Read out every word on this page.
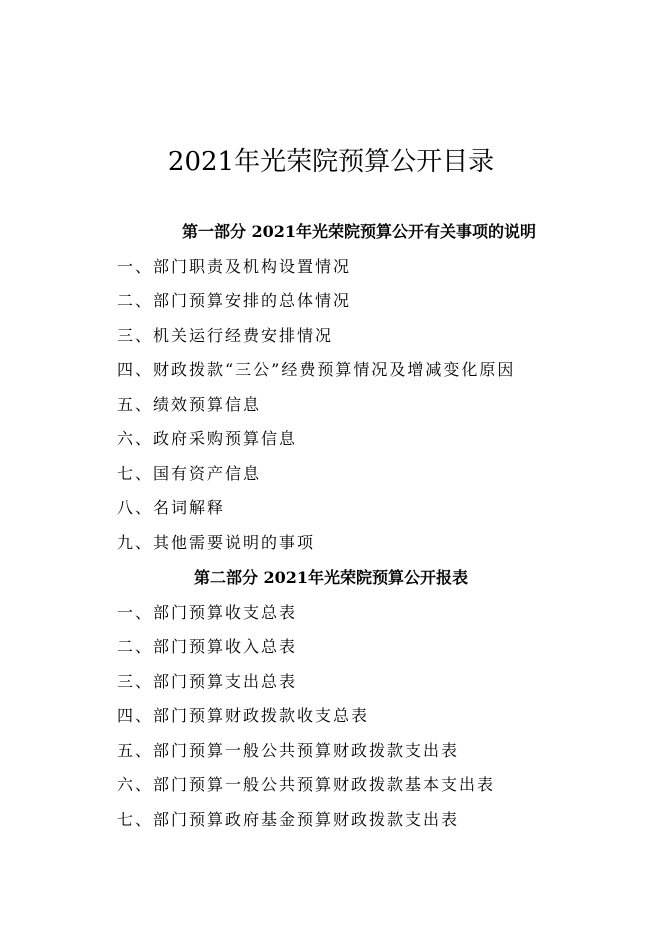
2021年光荣院预算公开目录
第一部分 2021年光荣院预算公开有关事项的说明
一、部门职责及机构设置情况
二、部门预算安排的总体情况
三、机关运行经费安排情况
四、财政拨款“三公”经费预算情况及增减变化原因
五、绩效预算信息
六、政府采购预算信息
七、国有资产信息
八、名词解释
九、其他需要说明的事项
第二部分 2021年光荣院预算公开报表
一、部门预算收支总表
二、部门预算收入总表
三、部门预算支出总表
四、部门预算财政拨款收支总表
五、部门预算一般公共预算财政拨款支出表
六、部门预算一般公共预算财政拨款基本支出表
七、部门预算政府基金预算财政拨款支出表
